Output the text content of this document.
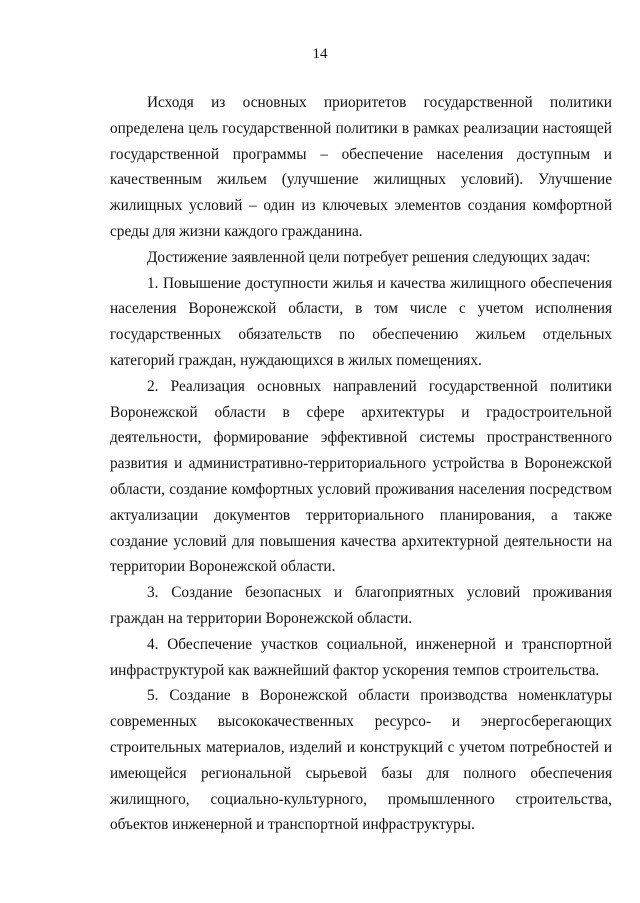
14

Исходя из основных приоритетов государственной политики определена цель государственной политики в рамках реализации настоящей государственной программы – обеспечение населения доступным и качественным жильем (улучшение жилищных условий). Улучшение жилищных условий – один из ключевых элементов создания комфортной среды для жизни каждого гражданина.

Достижение заявленной цели потребует решения следующих задач:

1. Повышение доступности жилья и качества жилищного обеспечения населения Воронежской области, в том числе с учетом исполнения государственных обязательств по обеспечению жильем отдельных категорий граждан, нуждающихся в жилых помещениях.

2. Реализация основных направлений государственной политики Воронежской области в сфере архитектуры и градостроительной деятельности, формирование эффективной системы пространственного развития и административно-территориального устройства в Воронежской области, создание комфортных условий проживания населения посредством актуализации документов территориального планирования, а также создание условий для повышения качества архитектурной деятельности на территории Воронежской области.

3. Создание безопасных и благоприятных условий проживания граждан на территории Воронежской области.

4. Обеспечение участков социальной, инженерной и транспортной инфраструктурой как важнейший фактор ускорения темпов строительства.

5. Создание в Воронежской области производства номенклатуры современных высококачественных ресурсо- и энергосберегающих строительных материалов, изделий и конструкций с учетом потребностей и имеющейся региональной сырьевой базы для полного обеспечения жилищного, социально-культурного, промышленного строительства, объектов инженерной и транспортной инфраструктуры.
